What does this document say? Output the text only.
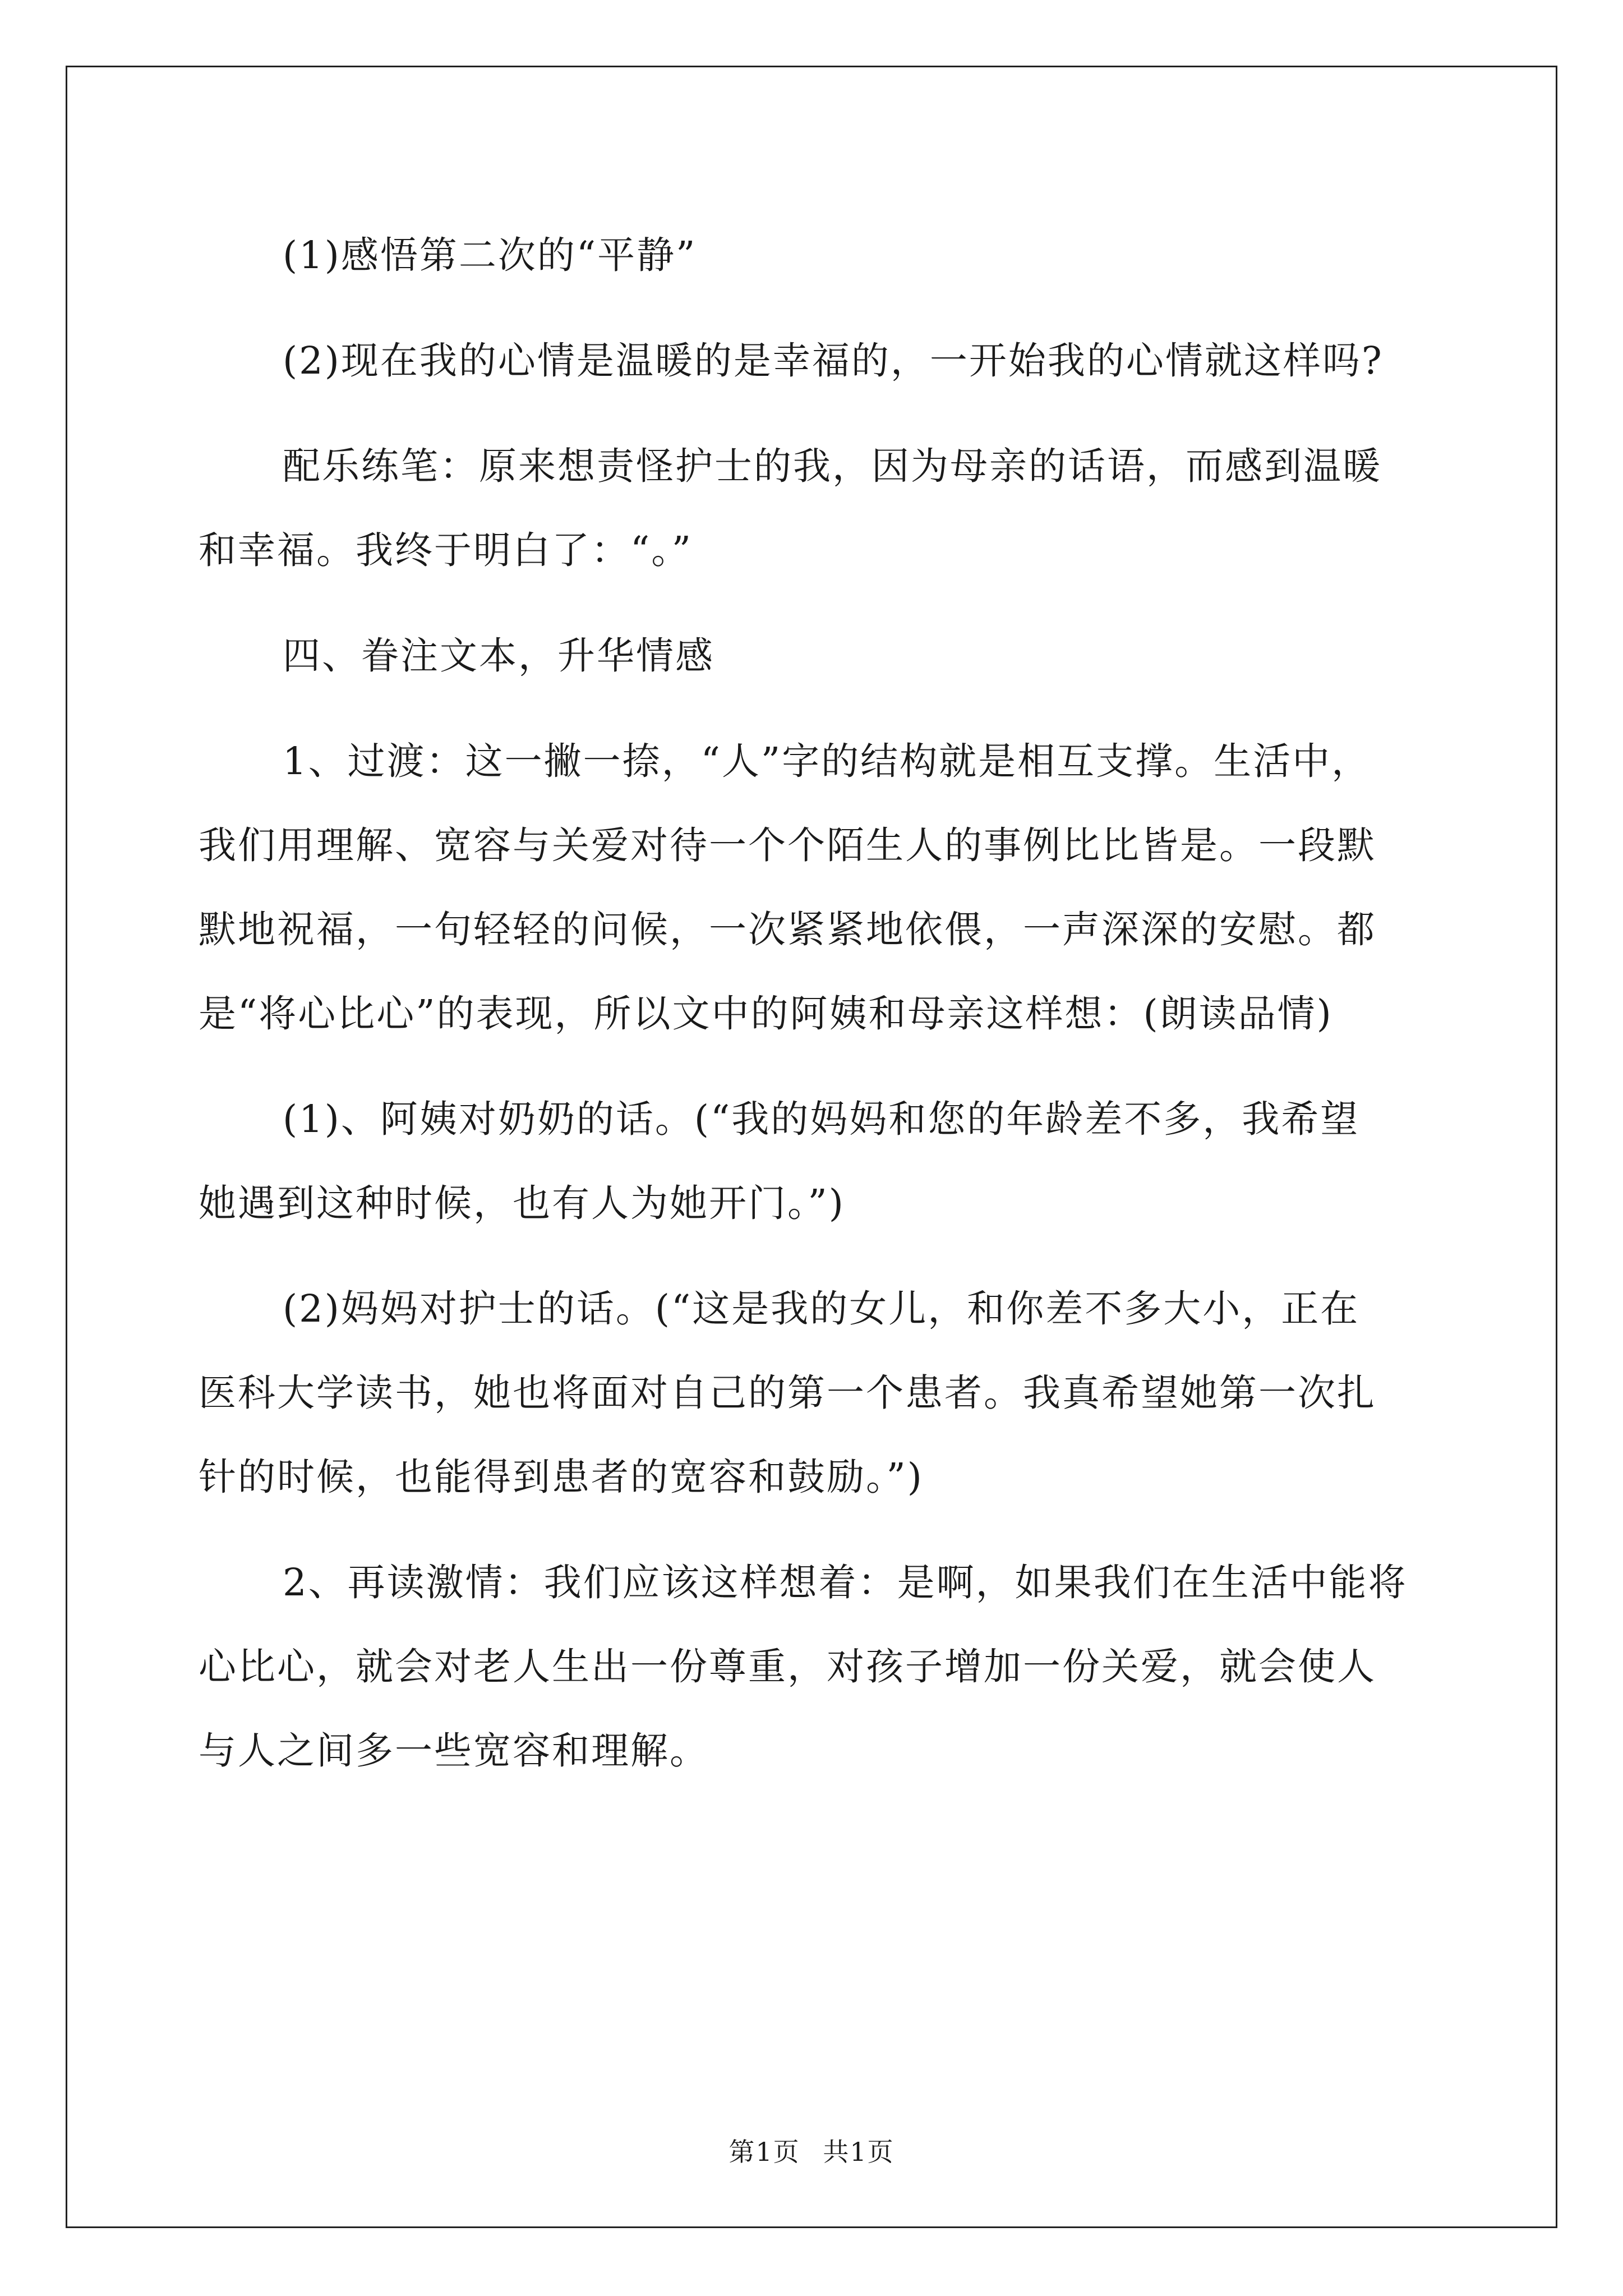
(1)感悟第二次的“平静”

(2)现在我的心情是温暖的是幸福的，一开始我的心情就这样吗?

配乐练笔：原来想责怪护士的我，因为母亲的话语，而感到温暖
和幸福。我终于明白了：“。”

四、眷注文本，升华情感

1、过渡：这一撇一捺，“人”字的结构就是相互支撑。生活中，
我们用理解、宽容与关爱对待一个个陌生人的事例比比皆是。一段默
默地祝福，一句轻轻的问候，一次紧紧地依偎，一声深深的安慰。都
是“将心比心”的表现，所以文中的阿姨和母亲这样想：(朗读品情)

(1)、阿姨对奶奶的话。(“我的妈妈和您的年龄差不多，我希望
她遇到这种时候，也有人为她开门。”)

(2)妈妈对护士的话。(“这是我的女儿，和你差不多大小，正在
医科大学读书，她也将面对自己的第一个患者。我真希望她第一次扎
针的时候，也能得到患者的宽容和鼓励。”)

2、再读激情：我们应该这样想着：是啊，如果我们在生活中能将
心比心，就会对老人生出一份尊重，对孩子增加一份关爱，就会使人
与人之间多一些宽容和理解。

第1页 共1页
